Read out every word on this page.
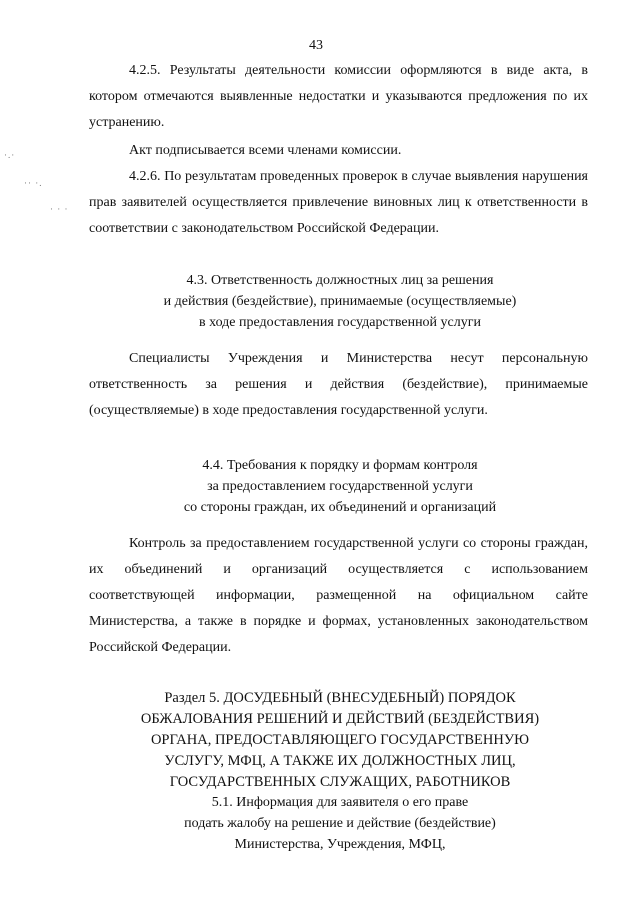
·.·
·· ·.
· · ·
43
4.2.5. Результаты деятельности комиссии оформляются в виде акта, в котором отмечаются выявленные недостатки и указываются предложения по их устранению.
Акт подписывается всеми членами комиссии.
4.2.6. По результатам проведенных проверок в случае выявления нарушения прав заявителей осуществляется привлечение виновных лиц к ответственности в соответствии с законодательством Российской Федерации.
4.3. Ответственность должностных лиц за решения
и действия (бездействие), принимаемые (осуществляемые)
в ходе предоставления государственной услуги
Специалисты Учреждения и Министерства несут персональную ответственность за решения и действия (бездействие), принимаемые (осуществляемые) в ходе предоставления государственной услуги.
4.4. Требования к порядку и формам контроля
за предоставлением государственной услуги
со стороны граждан, их объединений и организаций
Контроль за предоставлением государственной услуги со стороны граждан, их объединений и организаций осуществляется с использованием соответствующей информации, размещенной на официальном сайте Министерства, а также в порядке и формах, установленных законодательством Российской Федерации.
Раздел 5. ДОСУДЕБНЫЙ (ВНЕСУДЕБНЫЙ) ПОРЯДОК
ОБЖАЛОВАНИЯ РЕШЕНИЙ И ДЕЙСТВИЙ (БЕЗДЕЙСТВИЯ)
ОРГАНА, ПРЕДОСТАВЛЯЮЩЕГО ГОСУДАРСТВЕННУЮ
УСЛУГУ, МФЦ, А ТАКЖЕ ИХ ДОЛЖНОСТНЫХ ЛИЦ,
ГОСУДАРСТВЕННЫХ СЛУЖАЩИХ, РАБОТНИКОВ
5.1. Информация для заявителя о его праве
подать жалобу на решение и действие (бездействие)
Министерства, Учреждения, МФЦ,
